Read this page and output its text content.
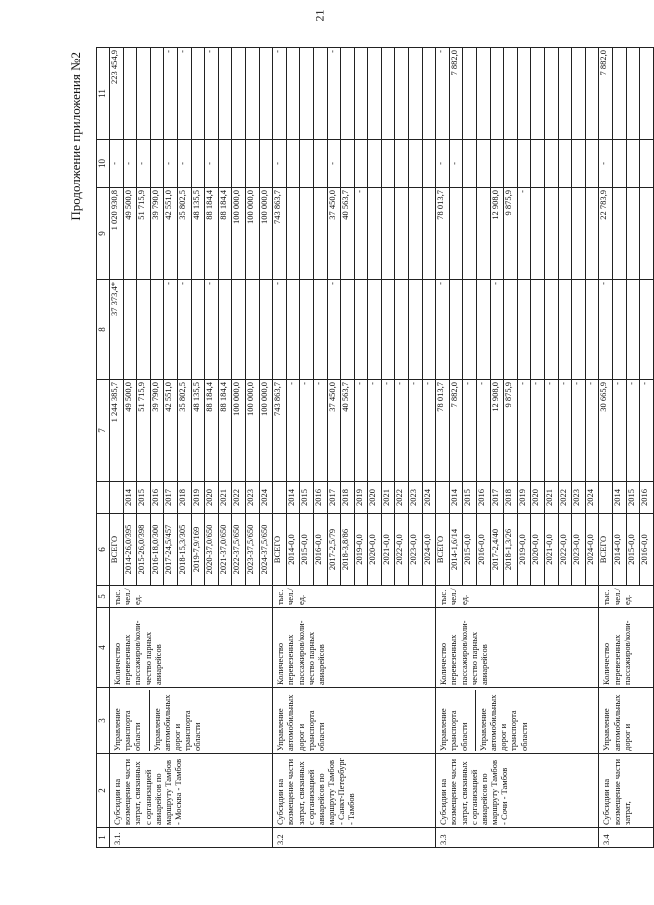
21
Продолжение приложения №2
1	2	3	4	5	6		7	8	9	10	11
3.1.	Субсидии на возмещение части затрат, связанных с организацией авиарейсов по маршруту Тамбов - Москва - Тамбов	Управление транспорта области Управление автомобильных дорог и транспорта области	Количество перевезенных пассажиров/коли-чество парных авиарейсов	тыс. чел./ ед.	ВСЕГО		1 244 385,7	37 373,4*	1 020 930,8	-	223 454,9
					2014-26,0/395	2014	49 500,0		49 500,0	-	
					2015-26,0/398	2015	51 715,9		51 715,9	-	
					2016-18,0/300	2016	39 790,0		39 790,0		
					2017-24,5/457	2017	42 551,0	-	42 551,0	-	-
					2018-15,3/305	2018	35 802,5	-	35 802,5	-	-
					2019-7,9/169	2019	48 135,5		48 135,5		
					2020-37,0/650	2020	88 184,4	-	88 184,4	-	-
					2021-37,0/650	2021	88 184,4		88 184,4		
					2022-37,5/650	2022	100 000,0		100 000,0		
					2023-37,5/650	2023	100 000,0		100 000,0		
					2024-37,5/650	2024	100 000,0		100 000,0		
3.2	Субсидии на возмещение части затрат, связанных с организацией авиарейсов по маршруту Тамбов - Санкт-Петербург - Тамбов	Управление автомобильных дорог и транспорта области	Количество перевезенных пассажиров/коли-чество парных авиарейсов	тыс. чел./ ед.	ВСЕГО		743 863,7	-	743 863,7	-	-
					2014-0,0	2014	-				
					2015-0,0	2015	-				
					2016-0,0	2016	-				
					2017-2,5/79	2017	37 450,0	-	37 450,0	-	-
					2018-3,8/86	2018	40 563,7		40 563,7		
					2019-0,0	2019	-		-		
					2020-0,0	2020	-				
					2021-0,0	2021	-				
					2022-0,0	2022	-				
					2023-0,0	2023	-				
					2024-0,0	2024	-				
3.3	Субсидии на возмещение части затрат, связанных с организацией авиарейсов по маршруту Тамбов - Сочи - Тамбов	Управление транспорта области Управление автомобильных дорог и транспорта области	Количество перевезенных пассажиров/коли-чество парных авиарейсов	тыс. чел./ ед.	ВСЕГО		78 013,7	-	78 013,7	-	-
					2014-1,6/14	2014	7 882,0			-	7 882,0
					2015-0,0	2015	-				
					2016-0,0	2016	-				
					2017-2,4/40	2017	12 908,0	-	12 908,0		
					2018-1,3/26	2018	9 875,9		9 875,9		
					2019-0,0	2019	-		-		
					2020-0,0	2020	-				
					2021-0,0	2021	-				
					2022-0,0	2022	-				
					2023-0,0	2023	-				
					2024-0,0	2024	-				
3.4	Субсидии на возмещение части затрат,	Управление автомобильных дорог и	Количество перевезенных пассажиров/коли-	тыс. чел./ ед.	ВСЕГО		30 665,9	-	22 783,9	-	7 882,0
					2014-0,0	2014	-				
					2015-0,0	2015	-				
					2016-0,0	2016	-				
